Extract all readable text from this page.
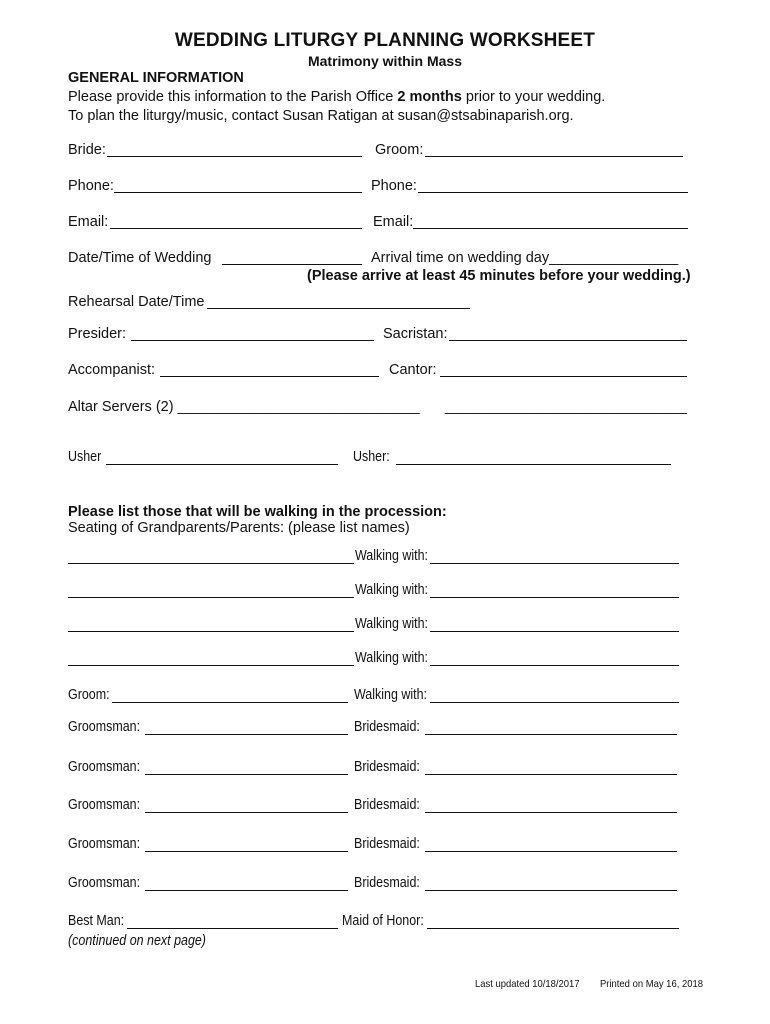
WEDDING LITURGY PLANNING WORKSHEET
Matrimony within Mass
GENERAL INFORMATION
Please provide this information to the Parish Office 2 months prior to your wedding.
To plan the liturgy/music, contact Susan Ratigan at susan@stsabinaparish.org.
Bride:	Groom:
Phone:	Phone:
Email:	Email:
Date/Time of Wedding	Arrival time on wedding day________________
(Please arrive at least 45 minutes before your wedding.)
Rehearsal Date/Time
Presider:	Sacristan:
Accompanist:	Cantor:
Altar Servers (2) ______________________________ ______________________________
Usher	Usher:
Please list those that will be walking in the procession:
Seating of Grandparents/Parents: (please list names)
Walking with:
Walking with:
Walking with:
Walking with:
Groom:	Walking with:
Groomsman:	Bridesmaid:
Groomsman:	Bridesmaid:
Groomsman:	Bridesmaid:
Groomsman:	Bridesmaid:
Groomsman:	Bridesmaid:
Best Man:	Maid of Honor:
(continued on next page)
Last updated 10/18/2017 Printed on May 16, 2018
